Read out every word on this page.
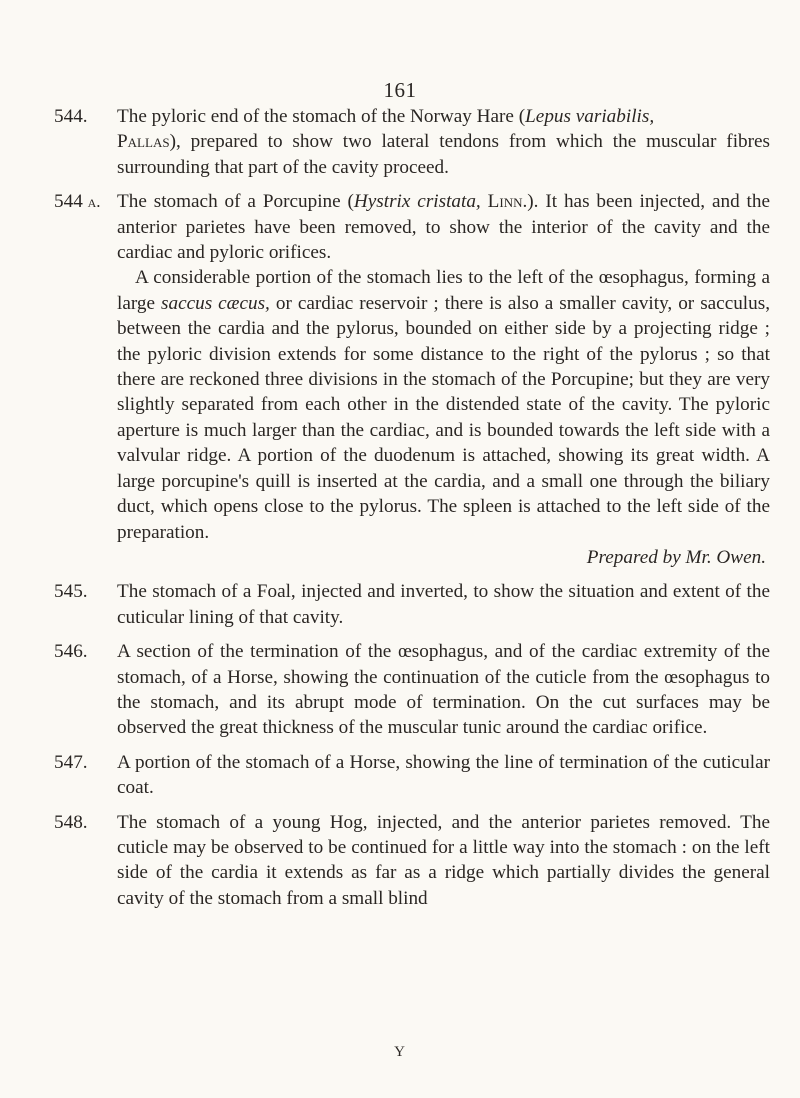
161
544. The pyloric end of the stomach of the Norway Hare (Lepus variabilis,
Pallas), prepared to show two lateral tendons from which the muscular fibres surrounding that part of the cavity proceed.

544 a. The stomach of a Porcupine (Hystrix cristata, Linn.). It has been injected, and the anterior parietes have been removed, to show the interior of the cavity and the cardiac and pyloric orifices.

A considerable portion of the stomach lies to the left of the œsophagus, forming a large saccus cæcus, or cardiac reservoir ; there is also a smaller cavity, or sacculus, between the cardia and the pylorus, bounded on either side by a projecting ridge ; the pyloric division extends for some distance to the right of the pylorus ; so that there are reckoned three divisions in the stomach of the Porcupine; but they are very slightly separated from each other in the distended state of the cavity. The pyloric aperture is much larger than the cardiac, and is bounded towards the left side with a valvular ridge. A portion of the duodenum is attached, showing its great width. A large porcupine's quill is inserted at the cardia, and a small one through the biliary duct, which opens close to the pylorus. The spleen is attached to the left side of the preparation.

Prepared by Mr. Owen.

545. The stomach of a Foal, injected and inverted, to show the situation and extent of the cuticular lining of that cavity.

546. A section of the termination of the œsophagus, and of the cardiac extremity of the stomach, of a Horse, showing the continuation of the cuticle from the œsophagus to the stomach, and its abrupt mode of termination. On the cut surfaces may be observed the great thickness of the muscular tunic around the cardiac orifice.

547. A portion of the stomach of a Horse, showing the line of termination of the cuticular coat.

548. The stomach of a young Hog, injected, and the anterior parietes removed. The cuticle may be observed to be continued for a little way into the stomach : on the left side of the cardia it extends as far as a ridge which partially divides the general cavity of the stomach from a small blind

Y
